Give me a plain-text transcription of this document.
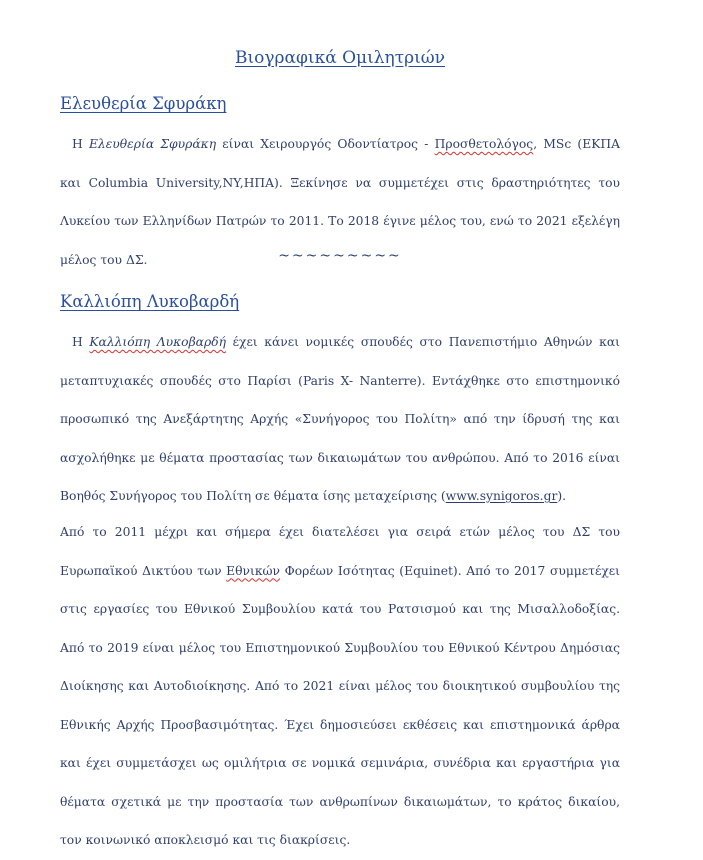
Βιογραφικά Ομιλητριών
Ελευθερία Σφυράκη
Η Ελευθερία Σφυράκη είναι Χειρουργός Οδοντίατρος - Προσθετολόγος, MSc (ΕΚΠΑ και Columbia University,NY,ΗΠΑ). Ξεκίνησε να συμμετέχει στις δραστηριότητες του Λυκείου των Ελληνίδων Πατρών το 2011. Το 2018 έγινε μέλος του, ενώ το 2021 εξελέγη μέλος του ΔΣ.	~~~~~~~~~
Καλλιόπη Λυκοβαρδή
Η Καλλιόπη Λυκοβαρδή έχει κάνει νομικές σπουδές στο Πανεπιστήμιο Αθηνών και μεταπτυχιακές σπουδές στο Παρίσι (Paris X- Nanterre). Εντάχθηκε στο επιστημονικό προσωπικό της Ανεξάρτητης Αρχής «Συνήγορος του Πολίτη» από την ίδρυσή της και ασχολήθηκε με θέματα προστασίας των δικαιωμάτων του ανθρώπου. Από το 2016 είναι Βοηθός Συνήγορος του Πολίτη σε θέματα ίσης μεταχείρισης (www.synigoros.gr).
Από το 2011 μέχρι και σήμερα έχει διατελέσει για σειρά ετών μέλος του ΔΣ του Ευρωπαϊκού Δικτύου των Εθνικών Φορέων Ισότητας (Equinet). Από το 2017 συμμετέχει στις εργασίες του Εθνικού Συμβουλίου κατά του Ρατσισμού και της Μισαλλοδοξίας. Από το 2019 είναι μέλος του Επιστημονικού Συμβουλίου του Εθνικού Κέντρου Δημόσιας Διοίκησης και Αυτοδιοίκησης. Από το 2021 είναι μέλος του διοικητικού συμβουλίου της Εθνικής Αρχής Προσβασιμότητας. Έχει δημοσιεύσει εκθέσεις και επιστημονικά άρθρα και έχει συμμετάσχει ως ομιλήτρια σε νομικά σεμινάρια, συνέδρια και εργαστήρια για θέματα σχετικά με την προστασία των ανθρωπίνων δικαιωμάτων, το κράτος δικαίου, τον κοινωνικό αποκλεισμό και τις διακρίσεις.
